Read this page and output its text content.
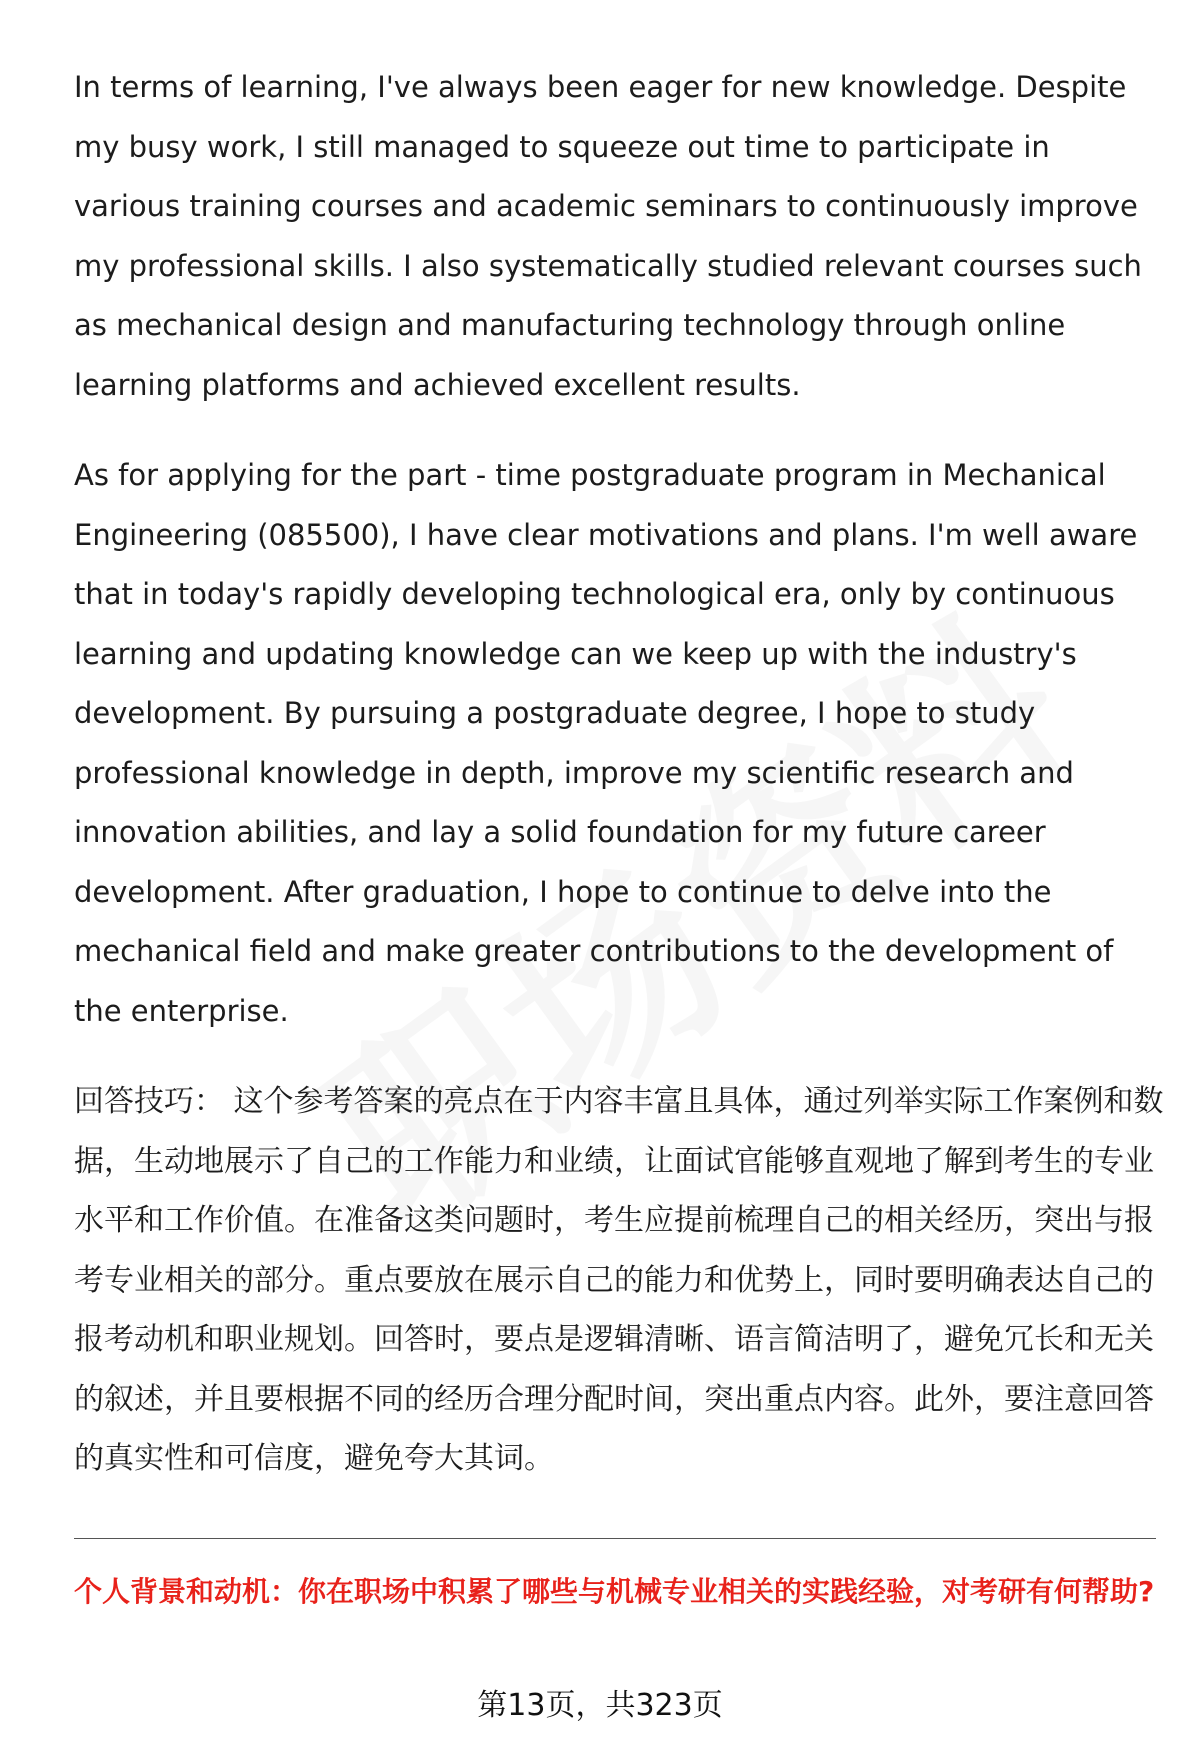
In terms of learning, I've always been eager for new knowledge. Despite my busy work, I still managed to squeeze out time to participate in various training courses and academic seminars to continuously improve my professional skills. I also systematically studied relevant courses such as mechanical design and manufacturing technology through online learning platforms and achieved excellent results.

As for applying for the part - time postgraduate program in Mechanical Engineering (085500), I have clear motivations and plans. I'm well aware that in today's rapidly developing technological era, only by continuous learning and updating knowledge can we keep up with the industry's development. By pursuing a postgraduate degree, I hope to study professional knowledge in depth, improve my scientific research and innovation abilities, and lay a solid foundation for my future career development. After graduation, I hope to continue to delve into the mechanical field and make greater contributions to the development of the enterprise.

回答技巧： 这个参考答案的亮点在于内容丰富且具体，通过列举实际工作案例和数据，生动地展示了自己的工作能力和业绩，让面试官能够直观地了解到考生的专业水平和工作价值。在准备这类问题时，考生应提前梳理自己的相关经历，突出与报考专业相关的部分。重点要放在展示自己的能力和优势上，同时要明确表达自己的报考动机和职业规划。回答时，要点是逻辑清晰、语言简洁明了，避免冗长和无关的叙述，并且要根据不同的经历合理分配时间，突出重点内容。此外，要注意回答的真实性和可信度，避免夸大其词。

个人背景和动机：你在职场中积累了哪些与机械专业相关的实践经验，对考研有何帮助?

第13页，共323页
